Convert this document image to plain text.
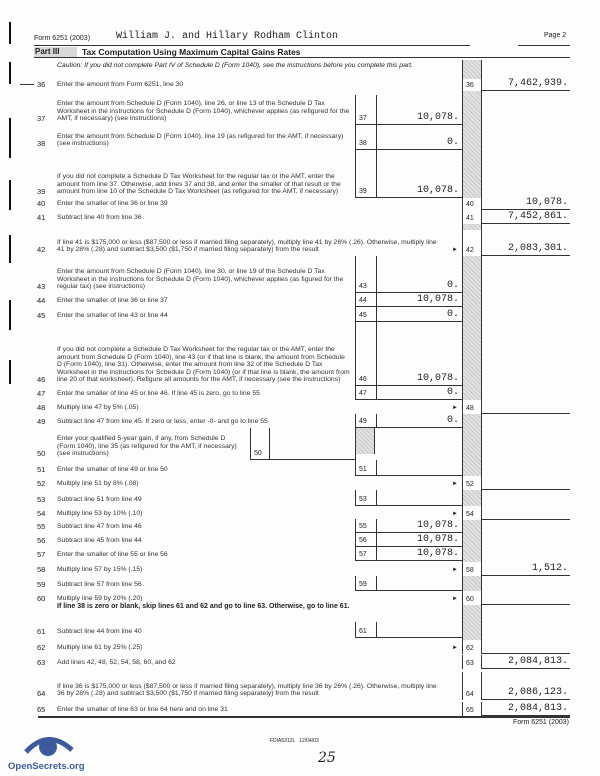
Form 6251 (2003)	William J. and Hillary Rodham Clinton	Page 2
Part III	Tax Computation Using Maximum Capital Gains Rates
Caution: If you did not complete Part IV of Schedule D (Form 1040), see the instructions before you complete this part.
36 Enter the amount from Form 6251, line 30	36	7,462,939.
37
Enter the amount from Schedule D (Form 1040), line 26, or line 13 of the Schedule D Tax Worksheet in the instructions for Schedule D (Form 1040), whichever applies (as refigured for the AMT, if necessary) (see instructions)	37	10,078.
38
Enter the amount from Schedule D (Form 1040), line 19 (as refigured for the AMT, if necessary) (see instructions)	38	0.
39
If you did not complete a Schedule D Tax Worksheet for the regular tax or the AMT, enter the amount from line 37. Otherwise, add lines 37 and 38, and enter the smaller of that result or the amount from line 10 of the Schedule D Tax Worksheet (as refigured for the AMT, if necessary)	39	10,078.
40 Enter the smaller of line 36 or line 39	40	10,078.
41 Subtract line 40 from line 36	41	7,452,861.
42
If line 41 is $175,000 or less ($87,500 or less if married filing separately), multiply line 41 by 26% (.26). Otherwise, multiply line 41 by 28% (.28) and subtract $3,500 ($1,750 if married filing separately) from the result	42	2,083,301.
►
43
Enter the amount from Schedule D (Form 1040), line 30, or line 19 of the Schedule D Tax Worksheet in the instructions for Schedule D (Form 1040), whichever applies (as figured for the regular tax) (see instructions)	43	0.
44 Enter the smaller of line 36 or line 37	44	10,078.
45 Enter the smaller of line 43 or line 44	45	0.
46
If you did not complete a Schedule D Tax Worksheet for the regular tax or the AMT, enter the amount from Schedule D (Form 1040), line 43 (or if that line is blank, the amount from Schedule D (Form 1040), line 31). Otherwise, enter the amount from line 32 of the Schedule D Tax Worksheet in the instructions for Schedule D (Form 1040) (or if that line is blank, the amount from line 20 of that worksheet). Refigure all amounts for the AMT, if necessary (see the instructions)	46	10,078.
47 Enter the smaller of line 45 or line 46. If line 45 is zero, go to line 55	47	0.
48 Multiply line 47 by 5% (.05)	48
►
49 Subtract line 47 from line 45. If zero or less, enter -0- and go to line 55	49	0.
50
Enter your qualified 5-year gain, if any, from Schedule D (Form 1040), line 35 (as refigured for the AMT, if necessary) (see instructions)	50
51 Enter the smaller of line 49 or line 50	51
52 Multiply line 51 by 8% (.08)	52
►
53 Subtract line 51 from line 49	53
54 Multiply line 53 by 10% (.10)	54
►
55 Subtract line 47 from line 46	55	10,078.
56 Subtract line 45 from line 44	56	10,078.
57 Enter the smaller of line 55 or line 56	57	10,078.
58 Multiply line 57 by 15% (.15)	58	1,512.
►
59 Subtract line 57 from line 56	59
60 Multiply line 59 by 20% (.20)	60
►
61 Subtract line 44 from line 40	61
62 Multiply line 61 by 25% (.25)	62
►
63 Add lines 42, 48, 52, 54, 58, 60, and 62	63	2,084,813.
64
If line 36 is $175,000 or less ($87,500 or less if married filing separately), multiply line 36 by 26% (.26). Otherwise, multiply line 36 by 28% (.28) and subtract $3,500 ($1,750 if married filing separately) from the result	64	2,086,123.
65 Enter the smaller of line 63 or line 64 here and on line 31	65	2,084,813.
If line 38 is zero or blank, skip lines 61 and 62 and go to line 63. Otherwise, go to line 61.
Form 6251 (2003)
FDIA5312L   12/04/03
25
OpenSecrets.org
